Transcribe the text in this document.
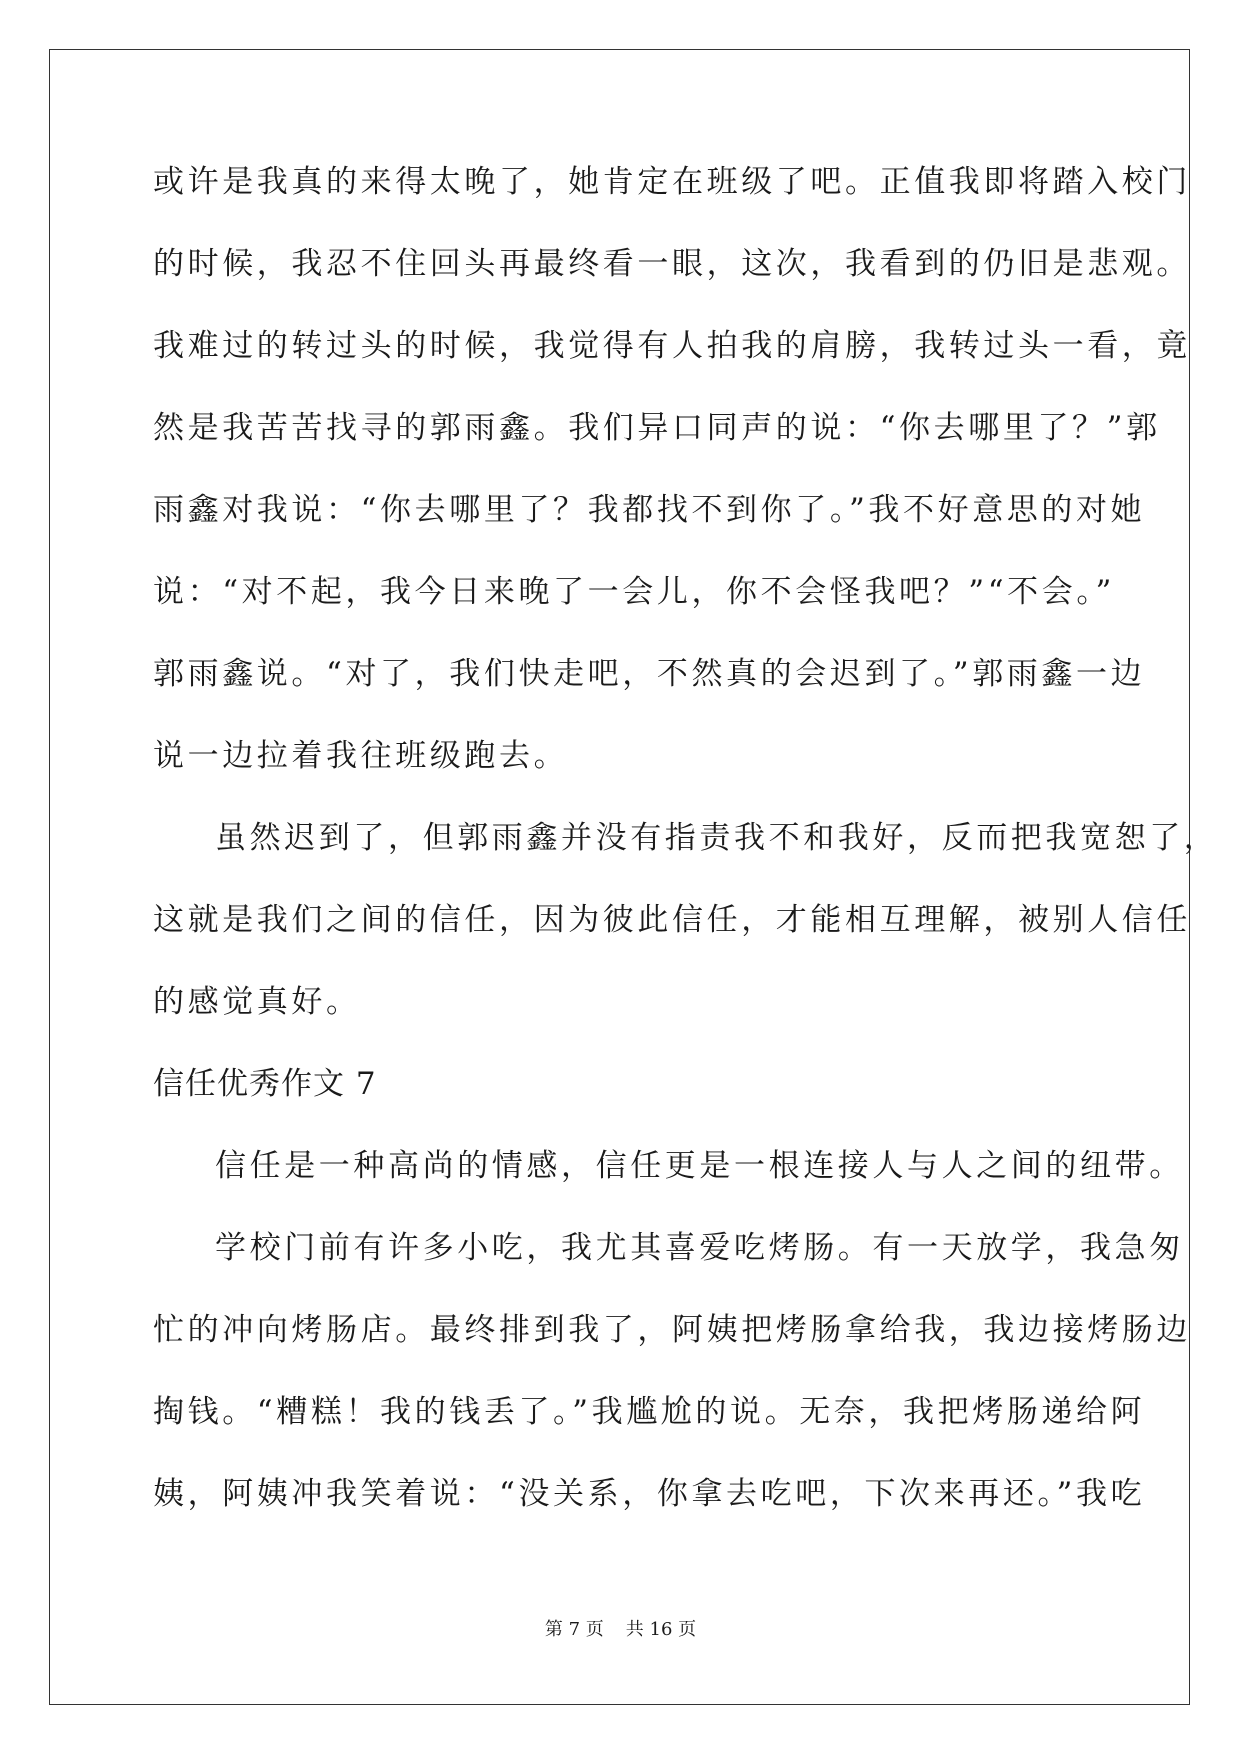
或许是我真的来得太晚了，她肯定在班级了吧。正值我即将踏入校门
的时候，我忍不住回头再最终看一眼，这次，我看到的仍旧是悲观。
我难过的转过头的时候，我觉得有人拍我的肩膀，我转过头一看，竟
然是我苦苦找寻的郭雨鑫。我们异口同声的说：“你去哪里了？”郭
雨鑫对我说：“你去哪里了？我都找不到你了。”我不好意思的对她
说：“对不起，我今日来晚了一会儿，你不会怪我吧？”“不会。”
郭雨鑫说。“对了，我们快走吧，不然真的会迟到了。”郭雨鑫一边
说一边拉着我往班级跑去。
虽然迟到了，但郭雨鑫并没有指责我不和我好，反而把我宽恕了，
这就是我们之间的信任，因为彼此信任，才能相互理解，被别人信任
的感觉真好。
信任优秀作文 7
信任是一种高尚的情感，信任更是一根连接人与人之间的纽带。
学校门前有许多小吃，我尤其喜爱吃烤肠。有一天放学，我急匆
忙的冲向烤肠店。最终排到我了，阿姨把烤肠拿给我，我边接烤肠边
掏钱。“糟糕！我的钱丢了。”我尴尬的说。无奈，我把烤肠递给阿
姨，阿姨冲我笑着说：“没关系，你拿去吃吧，下次来再还。”我吃
第 7 页 共 16 页
